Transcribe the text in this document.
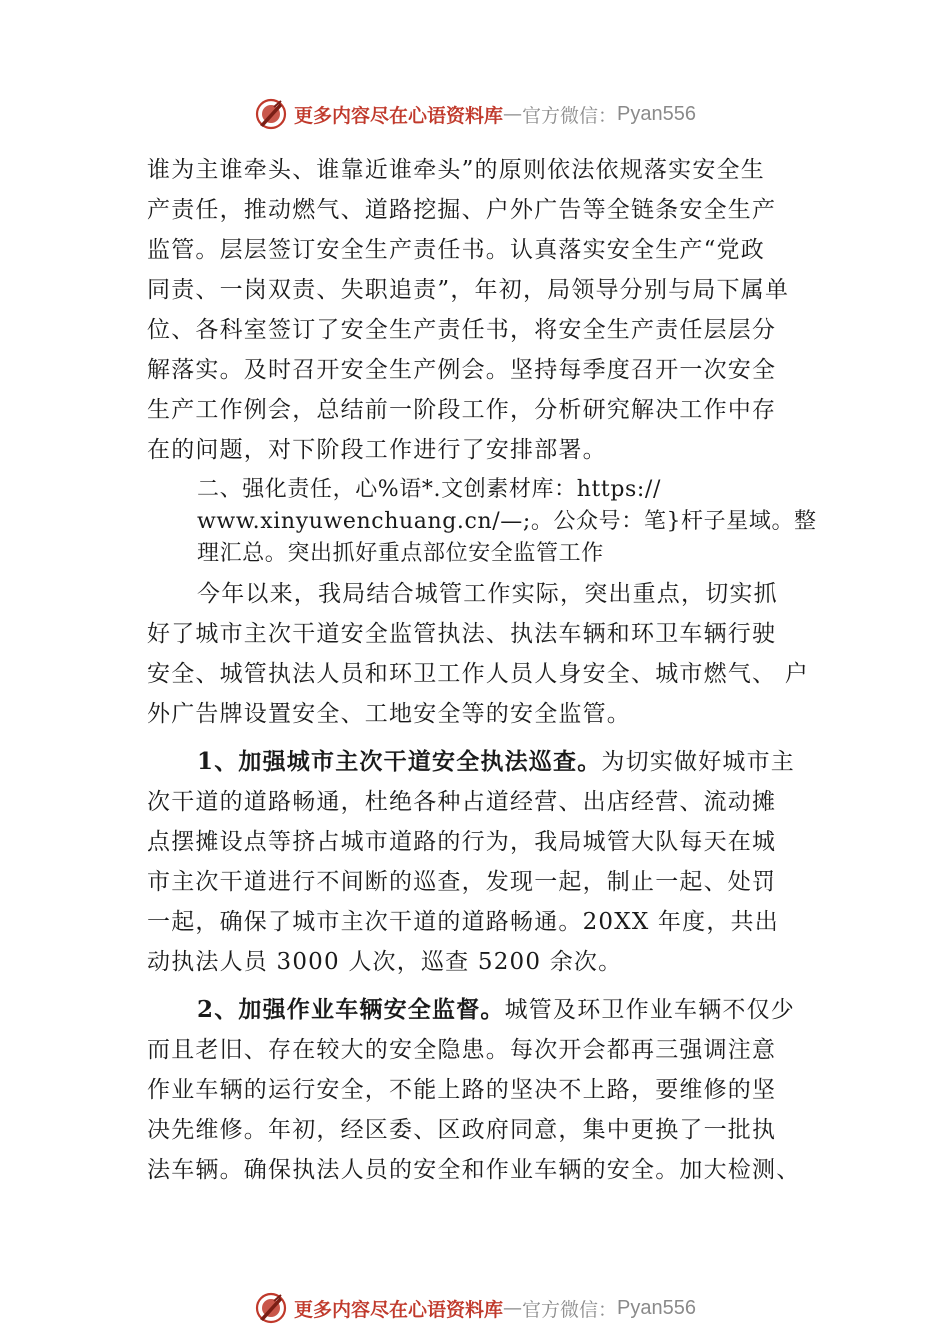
更多内容尽在心语资料库 — 官方微信： Pyan556
谁为主谁牵头、谁靠近谁牵头”的原则依法依规落实安全生
产责任，推动燃气、道路挖掘、户外广告等全链条安全生产
监管。层层签订安全生产责任书。认真落实安全生产“党政
同责、一岗双责、失职追责”，年初，局领导分别与局下属单
位、各科室签订了安全生产责任书，将安全生产责任层层分
解落实。及时召开安全生产例会。坚持每季度召开一次安全
生产工作例会，总结前一阶段工作，分析研究解决工作中存
在的问题，对下阶段工作进行了安排部署。
二、强化责任，心%语*.文创素材库：https://
www.xinyuwenchuang.cn/—;。公众号：笔}杆子星域。整
理汇总。突出抓好重点部位安全监管工作
今年以来，我局结合城管工作实际，突出重点，切实抓
好了城市主次干道安全监管执法、执法车辆和环卫车辆行驶
安全、城管执法人员和环卫工作人员人身安全、城市燃气、 户
外广告牌设置安全、工地安全等的安全监管。
1、加强城市主次干道安全执法巡查。为切实做好城市主
次干道的道路畅通，杜绝各种占道经营、出店经营、流动摊
点摆摊设点等挤占城市道路的行为，我局城管大队每天在城
市主次干道进行不间断的巡查，发现一起，制止一起、处罚
一起，确保了城市主次干道的道路畅通。20XX 年度，共出
动执法人员 3000 人次，巡查 5200 余次。
2、加强作业车辆安全监督。城管及环卫作业车辆不仅少
而且老旧、存在较大的安全隐患。每次开会都再三强调注意
作业车辆的运行安全，不能上路的坚决不上路，要维修的坚
决先维修。年初，经区委、区政府同意，集中更换了一批执
法车辆。确保执法人员的安全和作业车辆的安全。加大检测、
更多内容尽在心语资料库 — 官方微信： Pyan556
